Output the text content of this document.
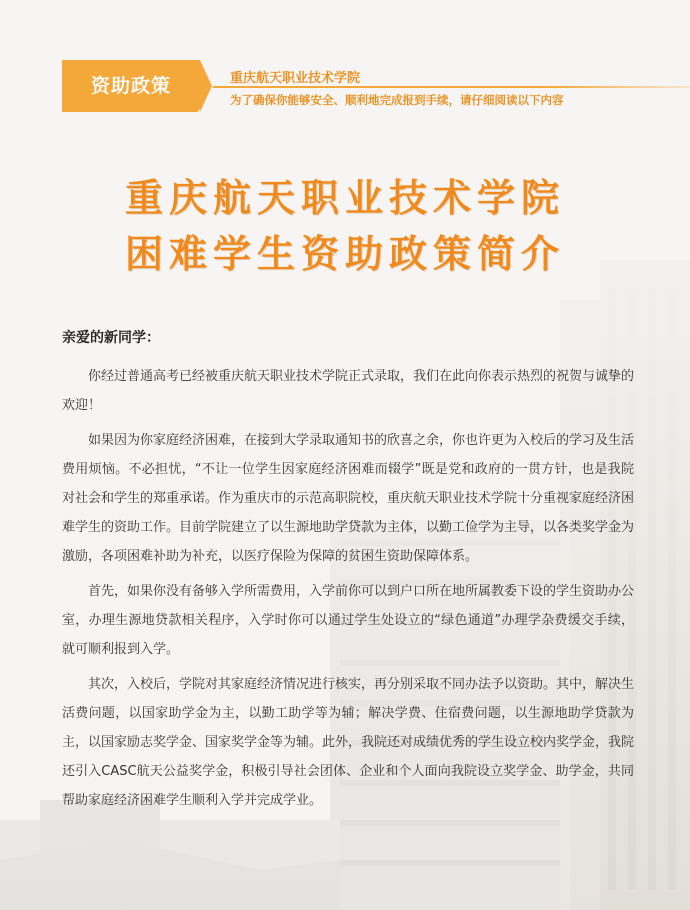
资助政策	重庆航天职业技术学院
为了确保你能够安全、顺利地完成报到手续，请仔细阅读以下内容
重庆航天职业技术学院
困难学生资助政策简介

亲爱的新同学：

你经过普通高考已经被重庆航天职业技术学院正式录取，我们在此向你表示热烈的祝贺与诚挚的欢迎！

如果因为你家庭经济困难，在接到大学录取通知书的欣喜之余，你也许更为入校后的学习及生活费用烦恼。不必担忧，“不让一位学生因家庭经济困难而辍学”既是党和政府的一贯方针，也是我院对社会和学生的郑重承诺。作为重庆市的示范高职院校，重庆航天职业技术学院十分重视家庭经济困难学生的资助工作。目前学院建立了以生源地助学贷款为主体，以勤工俭学为主导，以各类奖学金为激励，各项困难补助为补充，以医疗保险为保障的贫困生资助保障体系。

首先，如果你没有备够入学所需费用，入学前你可以到户口所在地所属教委下设的学生资助办公室，办理生源地贷款相关程序，入学时你可以通过学生处设立的“绿色通道”办理学杂费缓交手续，就可顺利报到入学。

其次，入校后，学院对其家庭经济情况进行核实，再分别采取不同办法予以资助。其中，解决生活费问题，以国家助学金为主，以勤工助学等为辅；解决学费、住宿费问题，以生源地助学贷款为主，以国家励志奖学金、国家奖学金等为辅。此外，我院还对成绩优秀的学生设立校内奖学金，我院还引入CASC航天公益奖学金，积极引导社会团体、企业和个人面向我院设立奖学金、助学金，共同帮助家庭经济困难学生顺利入学并完成学业。
